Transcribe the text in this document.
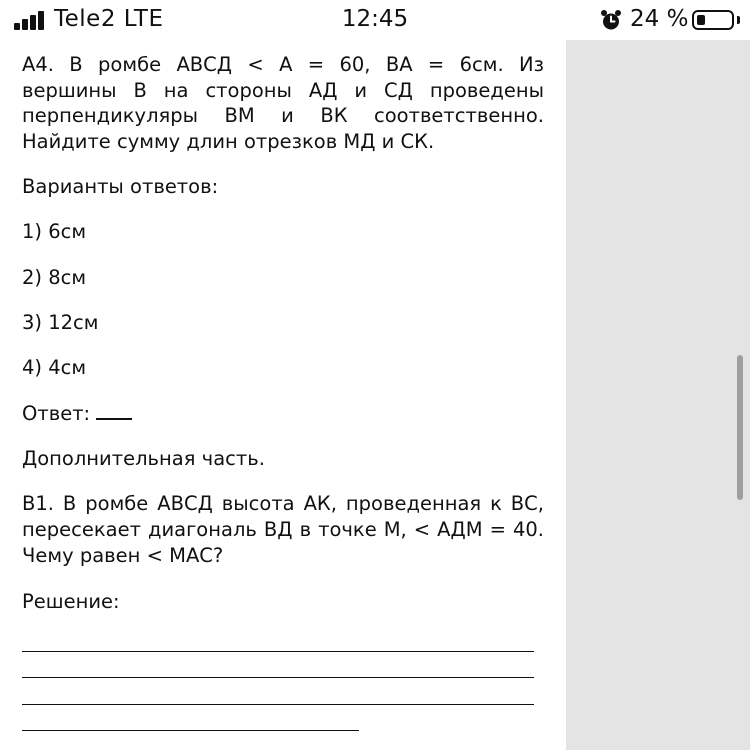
Tele2 LTE	12:45	24 %
А4. В ромбе АВСД < А = 60, ВА = 6см. Из
вершины В на стороны АД и СД проведены
перпендикуляры ВМ и ВК соответственно.
Найдите сумму длин отрезков МД и СК.
Варианты ответов:
1) 6см
2) 8см
3) 12см
4) 4см
Ответ:
Дополнительная часть.
В1. В ромбе АВСД высота АК, проведенная к ВС,
пересекает диагональ ВД в точке М, < АДМ = 40.
Чему равен < МАС?
Решение:
